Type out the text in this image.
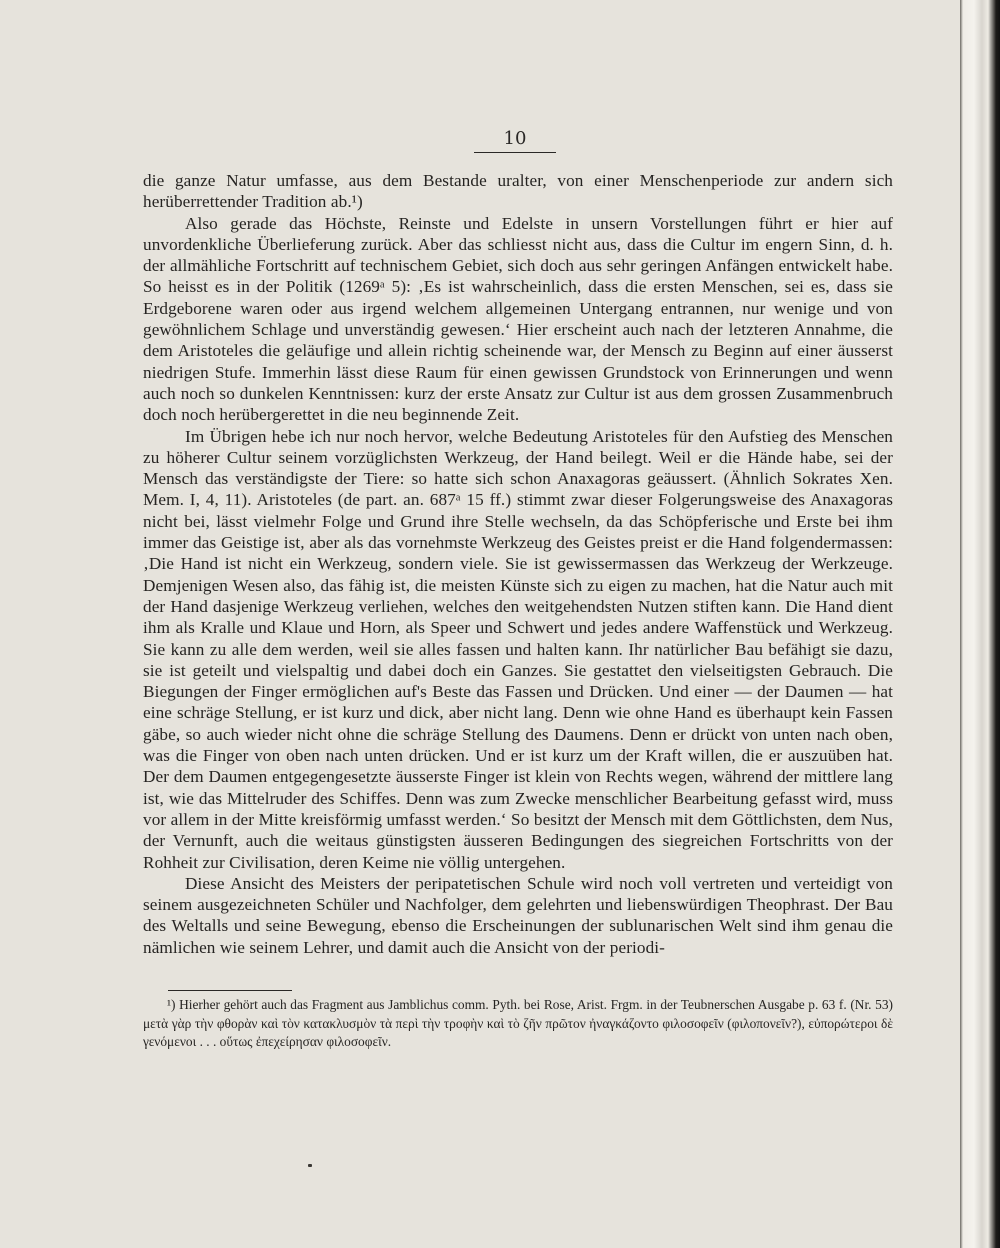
10

die ganze Natur umfasse, aus dem Bestande uralter, von einer Menschenperiode zur andern sich herüberrettender Tradition ab.¹)

Also gerade das Höchste, Reinste und Edelste in unsern Vorstellungen führt er hier auf unvordenkliche Überlieferung zurück. Aber das schliesst nicht aus, dass die Cultur im engern Sinn, d. h. der allmähliche Fortschritt auf technischem Gebiet, sich doch aus sehr geringen Anfängen entwickelt habe. So heisst es in der Politik (1269ᵃ 5): ‚Es ist wahrscheinlich, dass die ersten Menschen, sei es, dass sie Erdgeborene waren oder aus irgend welchem allgemeinen Untergang entrannen, nur wenige und von gewöhnlichem Schlage und unverständig gewesen.‘ Hier erscheint auch nach der letzteren Annahme, die dem Aristoteles die geläufige und allein richtig scheinende war, der Mensch zu Beginn auf einer äusserst niedrigen Stufe. Immerhin lässt diese Raum für einen gewissen Grundstock von Erinnerungen und wenn auch noch so dunkelen Kenntnissen: kurz der erste Ansatz zur Cultur ist aus dem grossen Zusammenbruch doch noch herübergerettet in die neu beginnende Zeit.

Im Übrigen hebe ich nur noch hervor, welche Bedeutung Aristoteles für den Aufstieg des Menschen zu höherer Cultur seinem vorzüglichsten Werkzeug, der Hand beilegt. Weil er die Hände habe, sei der Mensch das verständigste der Tiere: so hatte sich schon Anaxagoras geäussert. (Ähnlich Sokrates Xen. Mem. I, 4, 11). Aristoteles (de part. an. 687ᵃ 15 ff.) stimmt zwar dieser Folgerungsweise des Anaxagoras nicht bei, lässt vielmehr Folge und Grund ihre Stelle wechseln, da das Schöpferische und Erste bei ihm immer das Geistige ist, aber als das vornehmste Werkzeug des Geistes preist er die Hand folgendermassen: ‚Die Hand ist nicht ein Werkzeug, sondern viele. Sie ist gewissermassen das Werkzeug der Werkzeuge. Demjenigen Wesen also, das fähig ist, die meisten Künste sich zu eigen zu machen, hat die Natur auch mit der Hand dasjenige Werkzeug verliehen, welches den weitgehendsten Nutzen stiften kann. Die Hand dient ihm als Kralle und Klaue und Horn, als Speer und Schwert und jedes andere Waffenstück und Werkzeug. Sie kann zu alle dem werden, weil sie alles fassen und halten kann. Ihr natürlicher Bau befähigt sie dazu, sie ist geteilt und vielspaltig und dabei doch ein Ganzes. Sie gestattet den vielseitigsten Gebrauch. Die Biegungen der Finger ermöglichen auf's Beste das Fassen und Drücken. Und einer — der Daumen — hat eine schräge Stellung, er ist kurz und dick, aber nicht lang. Denn wie ohne Hand es überhaupt kein Fassen gäbe, so auch wieder nicht ohne die schräge Stellung des Daumens. Denn er drückt von unten nach oben, was die Finger von oben nach unten drücken. Und er ist kurz um der Kraft willen, die er auszuüben hat. Der dem Daumen entgegengesetzte äusserste Finger ist klein von Rechts wegen, während der mittlere lang ist, wie das Mittelruder des Schiffes. Denn was zum Zwecke menschlicher Bearbeitung gefasst wird, muss vor allem in der Mitte kreisförmig umfasst werden.‘ So besitzt der Mensch mit dem Göttlichsten, dem Nus, der Vernunft, auch die weitaus günstigsten äusseren Bedingungen des siegreichen Fortschritts von der Rohheit zur Civilisation, deren Keime nie völlig untergehen.

Diese Ansicht des Meisters der peripatetischen Schule wird noch voll vertreten und verteidigt von seinem ausgezeichneten Schüler und Nachfolger, dem gelehrten und liebenswürdigen Theophrast. Der Bau des Weltalls und seine Bewegung, ebenso die Erscheinungen der sublunarischen Welt sind ihm genau die nämlichen wie seinem Lehrer, und damit auch die Ansicht von der periodi-

¹) Hierher gehört auch das Fragment aus Jamblichus comm. Pyth. bei Rose, Arist. Frgm. in der Teubnerschen Ausgabe p. 63 f. (Nr. 53) μετὰ γὰρ τὴν φθορὰν καὶ τὸν κατακλυσμὸν τὰ περὶ τὴν τροφὴν καὶ τὸ ζῆν πρῶτον ἠναγκάζοντο φιλοσοφεῖν (φιλοπονεῖν?), εὐπορώτεροι δὲ γενόμενοι . . . οὕτως ἐπεχείρησαν φιλοσοφεῖν.
